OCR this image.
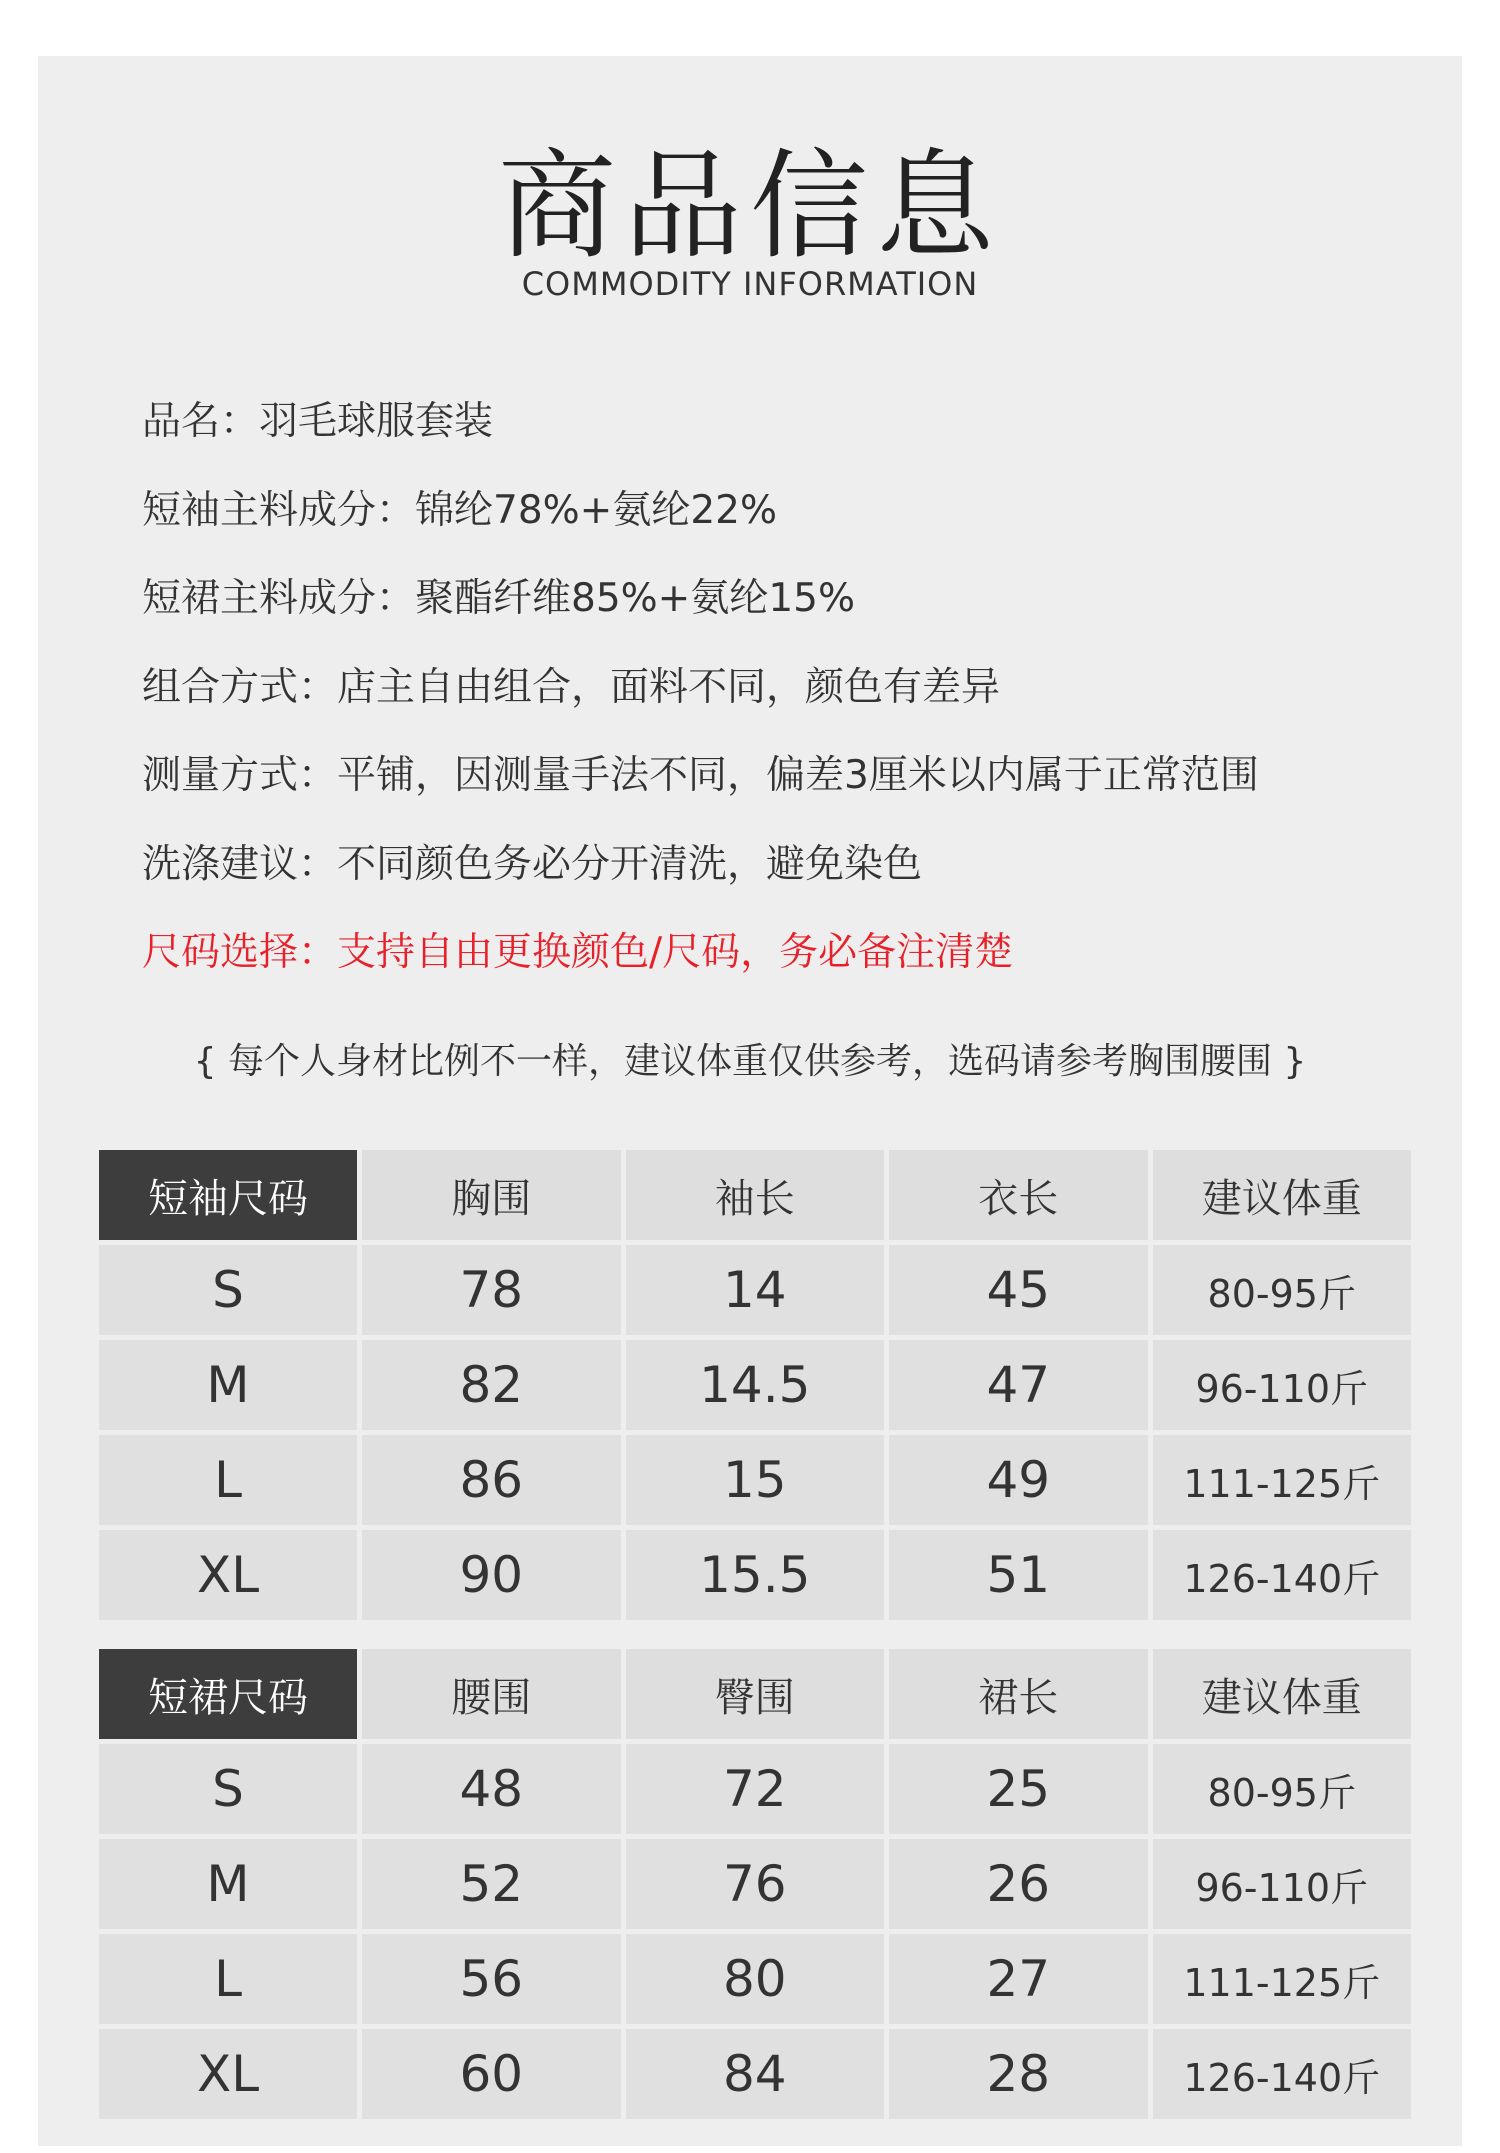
商品信息
COMMODITY INFORMATION
品名：羽毛球服套装
短袖主料成分：锦纶78%+氨纶22%
短裙主料成分：聚酯纤维85%+氨纶15%
组合方式：店主自由组合，面料不同，颜色有差异
测量方式：平铺，因测量手法不同，偏差3厘米以内属于正常范围
洗涤建议：不同颜色务必分开清洗，避免染色
尺码选择：支持自由更换颜色/尺码，务必备注清楚
{ 每个人身材比例不一样，建议体重仅供参考，选码请参考胸围腰围 }
短袖尺码	胸围	袖长	衣长	建议体重
S	78	14	45	80-95斤
M	82	14.5	47	96-110斤
L	86	15	49	111-125斤
XL	90	15.5	51	126-140斤
短裙尺码	腰围	臀围	裙长	建议体重
S	48	72	25	80-95斤
M	52	76	26	96-110斤
L	56	80	27	111-125斤
XL	60	84	28	126-140斤
